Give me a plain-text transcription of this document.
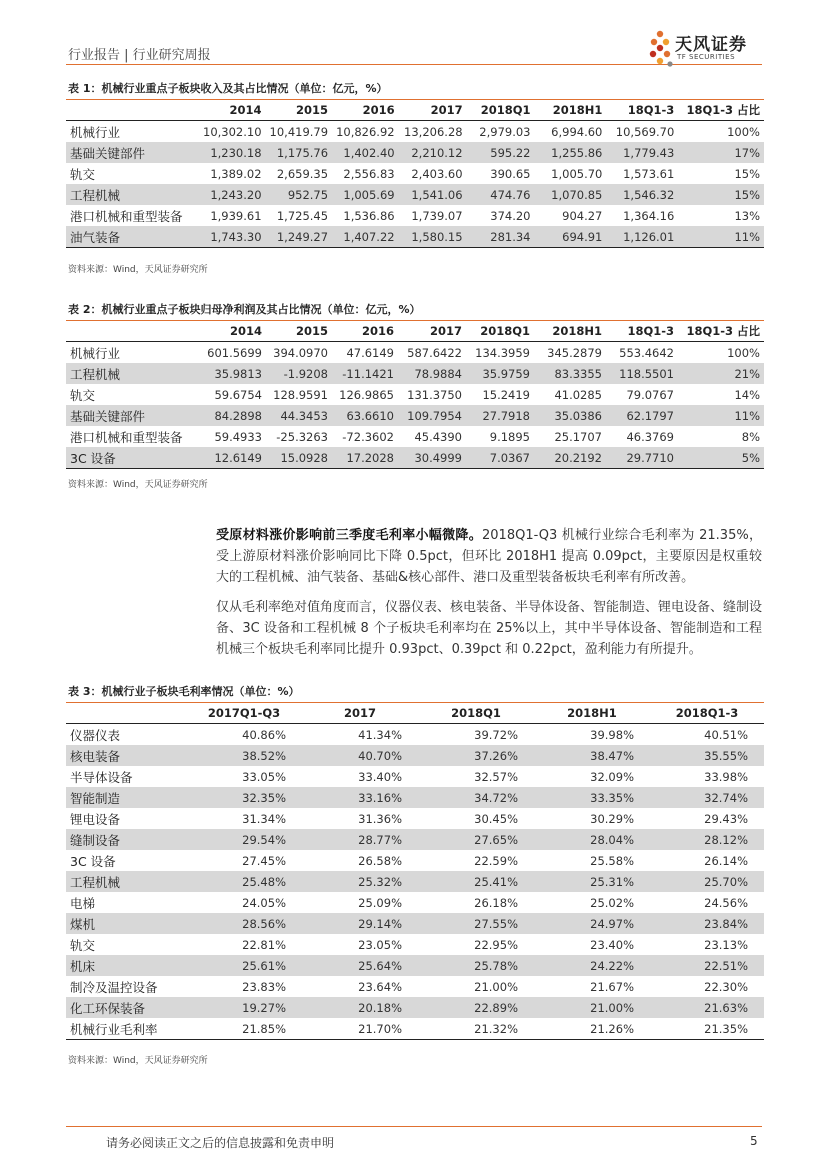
行业报告 | 行业研究周报
天风证券
TF SECURITIES
表 1：机械行业重点子板块收入及其占比情况（单位：亿元，%）
	2014	2015	2016	2017	2018Q1	2018H1	18Q1-3	18Q1-3 占比
机械行业	10,302.10	10,419.79	10,826.92	13,206.28	2,979.03	6,994.60	10,569.70	100%
基础关键部件	1,230.18	1,175.76	1,402.40	2,210.12	595.22	1,255.86	1,779.43	17%
轨交	1,389.02	2,659.35	2,556.83	2,403.60	390.65	1,005.70	1,573.61	15%
工程机械	1,243.20	952.75	1,005.69	1,541.06	474.76	1,070.85	1,546.32	15%
港口机械和重型装备	1,939.61	1,725.45	1,536.86	1,739.07	374.20	904.27	1,364.16	13%
油气装备	1,743.30	1,249.27	1,407.22	1,580.15	281.34	694.91	1,126.01	11%
资料来源：Wind，天风证券研究所
表 2：机械行业重点子板块归母净利润及其占比情况（单位：亿元，%）
	2014	2015	2016	2017	2018Q1	2018H1	18Q1-3	18Q1-3 占比
机械行业	601.5699	394.0970	47.6149	587.6422	134.3959	345.2879	553.4642	100%
工程机械	35.9813	-1.9208	-11.1421	78.9884	35.9759	83.3355	118.5501	21%
轨交	59.6754	128.9591	126.9865	131.3750	15.2419	41.0285	79.0767	14%
基础关键部件	84.2898	44.3453	63.6610	109.7954	27.7918	35.0386	62.1797	11%
港口机械和重型装备	59.4933	-25.3263	-72.3602	45.4390	9.1895	25.1707	46.3769	8%
3C 设备	12.6149	15.0928	17.2028	30.4999	7.0367	20.2192	29.7710	5%
资料来源：Wind，天风证券研究所
受原材料涨价影响前三季度毛利率小幅微降。2018Q1-Q3 机械行业综合毛利率为 21.35%，受上游原材料涨价影响同比下降 0.5pct，但环比 2018H1 提高 0.09pct，主要原因是权重较大的工程机械、油气装备、基础&核心部件、港口及重型装备板块毛利率有所改善。
仅从毛利率绝对值角度而言，仪器仪表、核电装备、半导体设备、智能制造、锂电设备、缝制设备、3C 设备和工程机械 8 个子板块毛利率均在 25%以上，其中半导体设备、智能制造和工程机械三个板块毛利率同比提升 0.93pct、0.39pct 和 0.22pct，盈利能力有所提升。
表 3：机械行业子板块毛利率情况（单位：%）
	2017Q1-Q3	2017	2018Q1	2018H1	2018Q1-3
仪器仪表	40.86%	41.34%	39.72%	39.98%	40.51%
核电装备	38.52%	40.70%	37.26%	38.47%	35.55%
半导体设备	33.05%	33.40%	32.57%	32.09%	33.98%
智能制造	32.35%	33.16%	34.72%	33.35%	32.74%
锂电设备	31.34%	31.36%	30.45%	30.29%	29.43%
缝制设备	29.54%	28.77%	27.65%	28.04%	28.12%
3C 设备	27.45%	26.58%	22.59%	25.58%	26.14%
工程机械	25.48%	25.32%	25.41%	25.31%	25.70%
电梯	24.05%	25.09%	26.18%	25.02%	24.56%
煤机	28.56%	29.14%	27.55%	24.97%	23.84%
轨交	22.81%	23.05%	22.95%	23.40%	23.13%
机床	25.61%	25.64%	25.78%	24.22%	22.51%
制冷及温控设备	23.83%	23.64%	21.00%	21.67%	22.30%
化工环保装备	19.27%	20.18%	22.89%	21.00%	21.63%
机械行业毛利率	21.85%	21.70%	21.32%	21.26%	21.35%
资料来源：Wind，天风证券研究所
请务必阅读正文之后的信息披露和免责申明	5
